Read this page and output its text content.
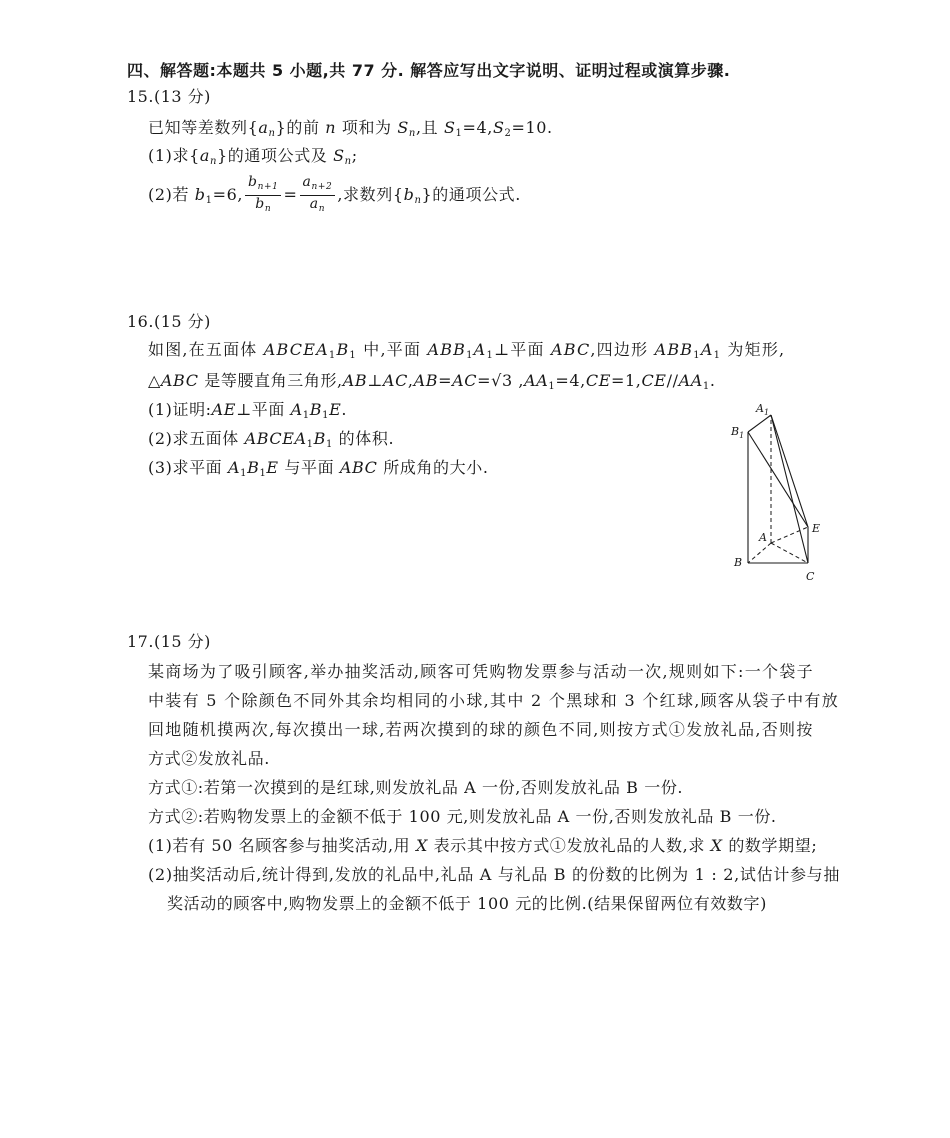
四、解答题:本题共 5 小题,共 77 分. 解答应写出文字说明、证明过程或演算步骤.
15.(13 分)
已知等差数列$\{a_n\}$的前 n 项和为 $S_n$,且 $S_1=4,S_2=10$.
(1)求$\{a_n\}$的通项公式及 $S_n$;
(2)若 $b_1=6$, $\frac{b_{n+1}}{b_n} = \frac{a_{n+2}}{a_n}$ ,求数列$\{b_n\}$的通项公式.
16.(15 分)
如图,在五面体 $ABCEA_1B_1$ 中,平面 $ABB_1A_1\perp$平面 ABC,四边形 $ABB_1A_1$ 为矩形,
△ABC 是等腰直角三角形,AB⊥AC,AB=AC=√3 $,AA_1=4,CE=1,CE//AA_1$.
(1)证明:AE⊥平面 $A_1B_1E$.
(2)求五面体 $ABCEA_1B_1$ 的体积.
(3)求平面 $A_1B_1E$ 与平面 ABC 所成角的大小.
$A_1$
$B_1$
A
B
C
E
17.(15 分)
某商场为了吸引顾客,举办抽奖活动,顾客可凭购物发票参与活动一次,规则如下:一个袋子
中装有 5 个除颜色不同外其余均相同的小球,其中 2 个黑球和 3 个红球,顾客从袋子中有放
回地随机摸两次,每次摸出一球,若两次摸到的球的颜色不同,则按方式①发放礼品,否则按
方式②发放礼品.
方式①:若第一次摸到的是红球,则发放礼品 A 一份,否则发放礼品 B 一份.
方式②:若购物发票上的金额不低于 100 元,则发放礼品 A 一份,否则发放礼品 B 一份.
(1)若有 50 名顾客参与抽奖活动,用 X 表示其中按方式①发放礼品的人数,求 X 的数学期望;
(2)抽奖活动后,统计得到,发放的礼品中,礼品 A 与礼品 B 的份数的比例为 1 : 2,试估计参与抽
奖活动的顾客中,购物发票上的金额不低于 100 元的比例.(结果保留两位有效数字)
